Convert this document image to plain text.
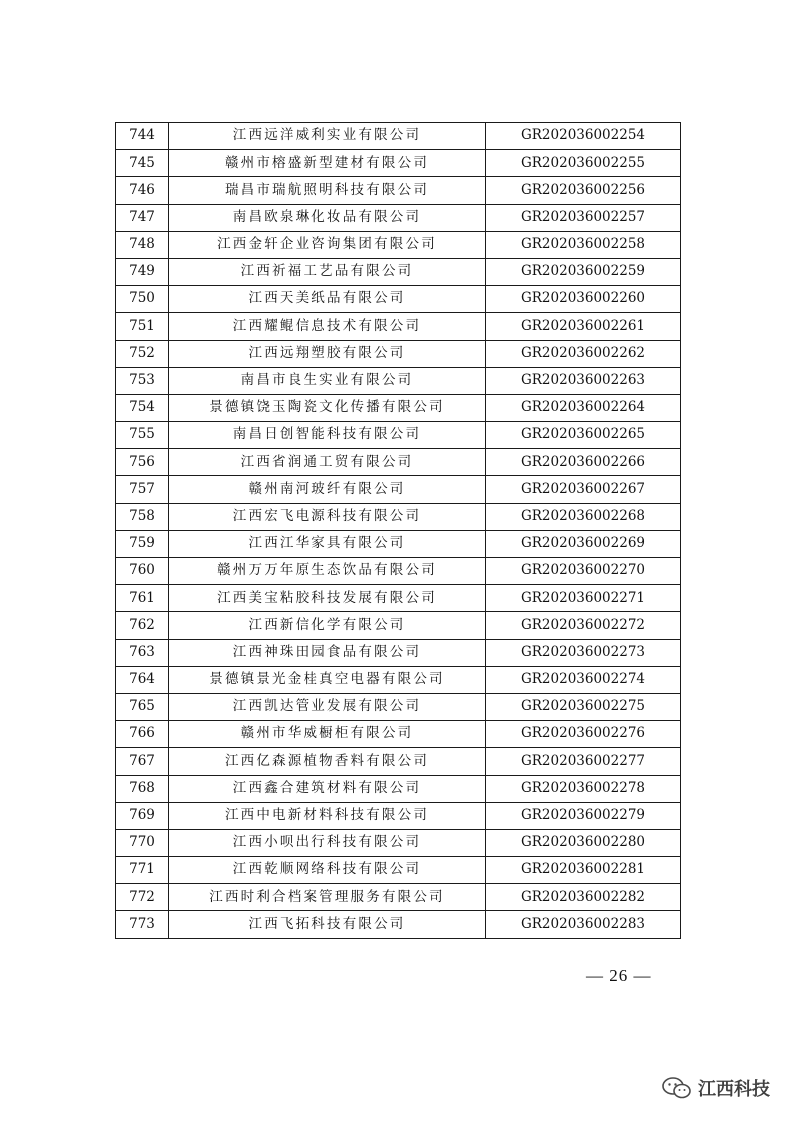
744	江西远洋威利实业有限公司	GR202036002254
745	赣州市榕盛新型建材有限公司	GR202036002255
746	瑞昌市瑞航照明科技有限公司	GR202036002256
747	南昌欧泉琳化妆品有限公司	GR202036002257
748	江西金轩企业咨询集团有限公司	GR202036002258
749	江西祈福工艺品有限公司	GR202036002259
750	江西天美纸品有限公司	GR202036002260
751	江西耀鲲信息技术有限公司	GR202036002261
752	江西远翔塑胶有限公司	GR202036002262
753	南昌市良生实业有限公司	GR202036002263
754	景德镇饶玉陶瓷文化传播有限公司	GR202036002264
755	南昌日创智能科技有限公司	GR202036002265
756	江西省润通工贸有限公司	GR202036002266
757	赣州南河玻纤有限公司	GR202036002267
758	江西宏飞电源科技有限公司	GR202036002268
759	江西江华家具有限公司	GR202036002269
760	赣州万万年原生态饮品有限公司	GR202036002270
761	江西美宝粘胶科技发展有限公司	GR202036002271
762	江西新信化学有限公司	GR202036002272
763	江西神珠田园食品有限公司	GR202036002273
764	景德镇景光金桂真空电器有限公司	GR202036002274
765	江西凯达管业发展有限公司	GR202036002275
766	赣州市华威橱柜有限公司	GR202036002276
767	江西亿森源植物香料有限公司	GR202036002277
768	江西鑫合建筑材料有限公司	GR202036002278
769	江西中电新材料科技有限公司	GR202036002279
770	江西小呗出行科技有限公司	GR202036002280
771	江西乾顺网络科技有限公司	GR202036002281
772	江西时利合档案管理服务有限公司	GR202036002282
773	江西飞拓科技有限公司	GR202036002283
— 26 —
江西科技
